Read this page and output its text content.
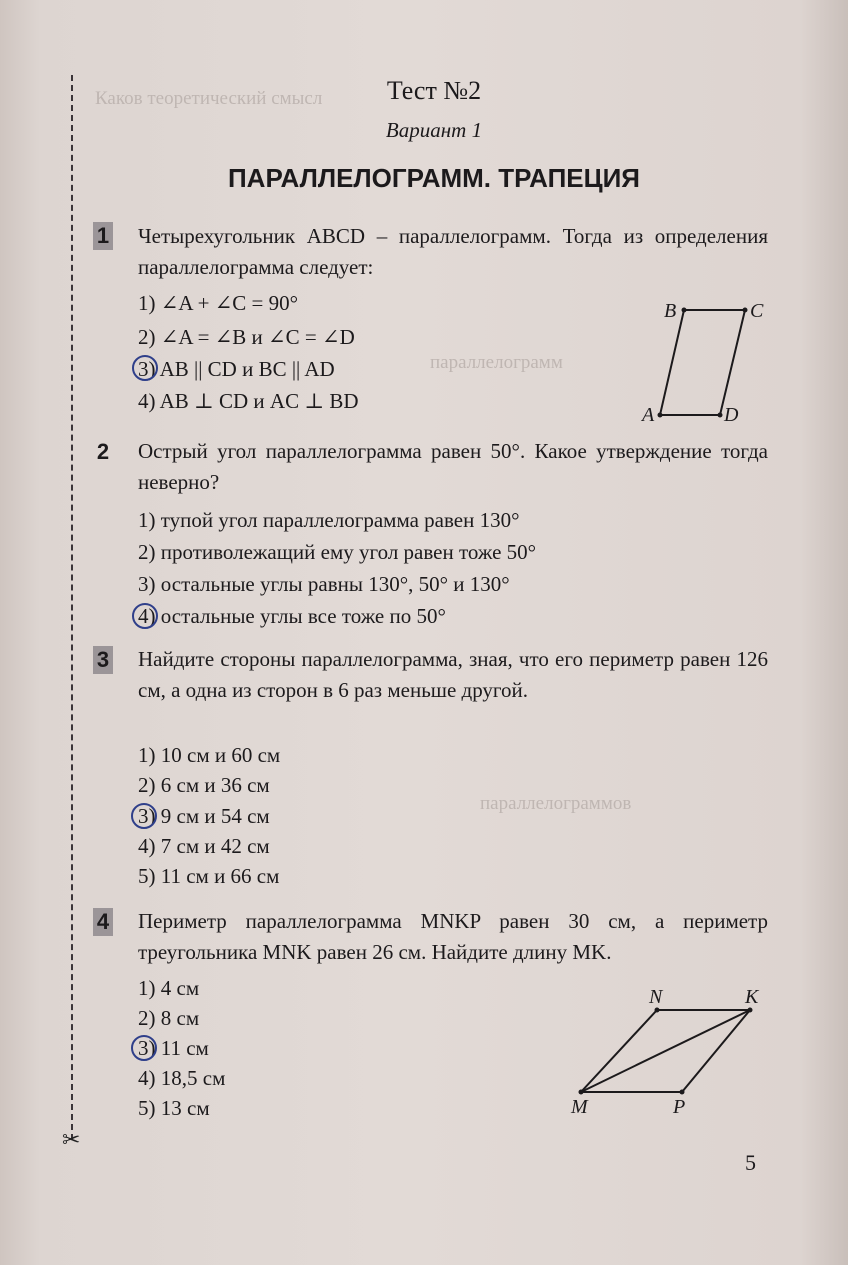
Каков теоретический смысл
параллелограмм
параллелограммов
✂
Тест №2
Вариант 1
ПАРАЛЛЕЛОГРАММ. ТРАПЕЦИЯ
1 Четырехугольник ABCD – параллелограмм. Тогда из определения параллелограмма следует:
1) ∠A + ∠C = 90°
2) ∠A = ∠B и ∠C = ∠D
3) AB || CD и BC || AD
4) AB ⊥ CD и AC ⊥ BD
B	C
A	D
2 Острый угол параллелограмма равен 50°. Какое утверждение тогда неверно?
1) тупой угол параллелограмма равен 130°
2) противолежащий ему угол равен тоже 50°
3) остальные углы равны 130°, 50° и 130°
4) остальные углы все тоже по 50°
3 Найдите стороны параллелограмма, зная, что его периметр равен 126 см, а одна из сторон в 6 раз меньше другой.
1) 10 см и 60 см
2) 6 см и 36 см
3) 9 см и 54 см
4) 7 см и 42 см
5) 11 см и 66 см
4 Периметр параллелограмма MNKP равен 30 см, а периметр треугольника MNK равен 26 см. Найдите длину MK.
1) 4 см
2) 8 см
3) 11 см
4) 18,5 см
5) 13 см
N	K
M	P
5
